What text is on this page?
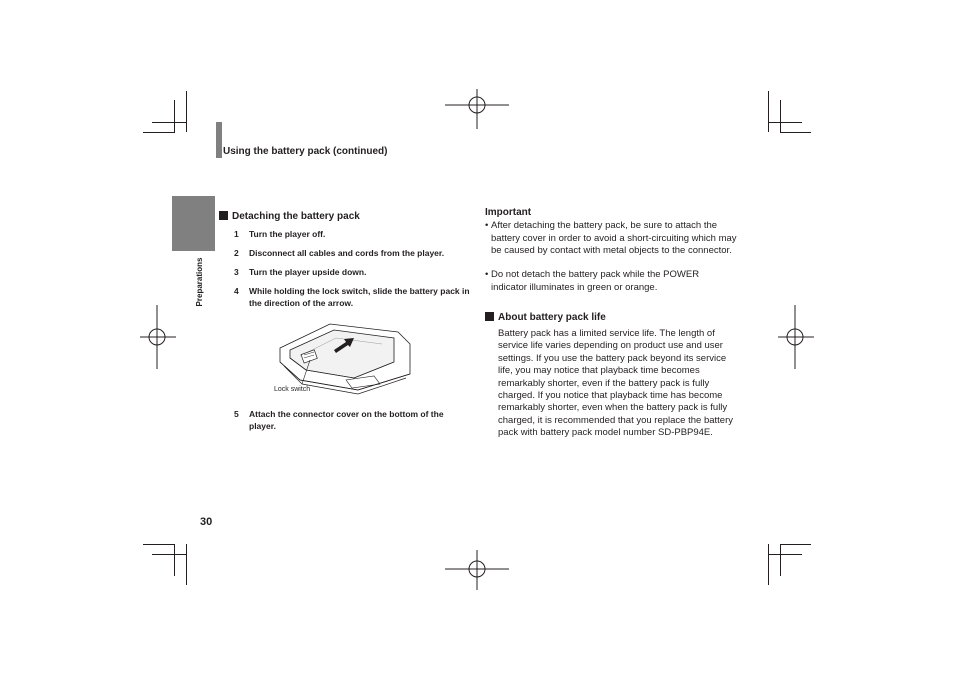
Using the battery pack (continued)
Preparations
Detaching the battery pack
1 Turn the player off.
2 Disconnect all cables and cords from the player.
3 Turn the player upside down.
4 While holding the lock switch, slide the battery pack in the direction of the arrow.
Lock switch
5 Attach the connector cover on the bottom of the player.
Important
• After detaching the battery pack, be sure to attach the battery cover in order to avoid a short-circuiting which may be caused by contact with metal objects to the connector.
• Do not detach the battery pack while the POWER indicator illuminates in green or orange.
About battery pack life
Battery pack has a limited service life. The length of service life varies depending on product use and user settings. If you use the battery pack beyond its service life, you may notice that playback time becomes remarkably shorter, even if the battery pack is fully charged. If you notice that playback time has become remarkably shorter, even when the battery pack is fully charged, it is recommended that you replace the battery pack with battery pack model number SD-PBP94E.
30
